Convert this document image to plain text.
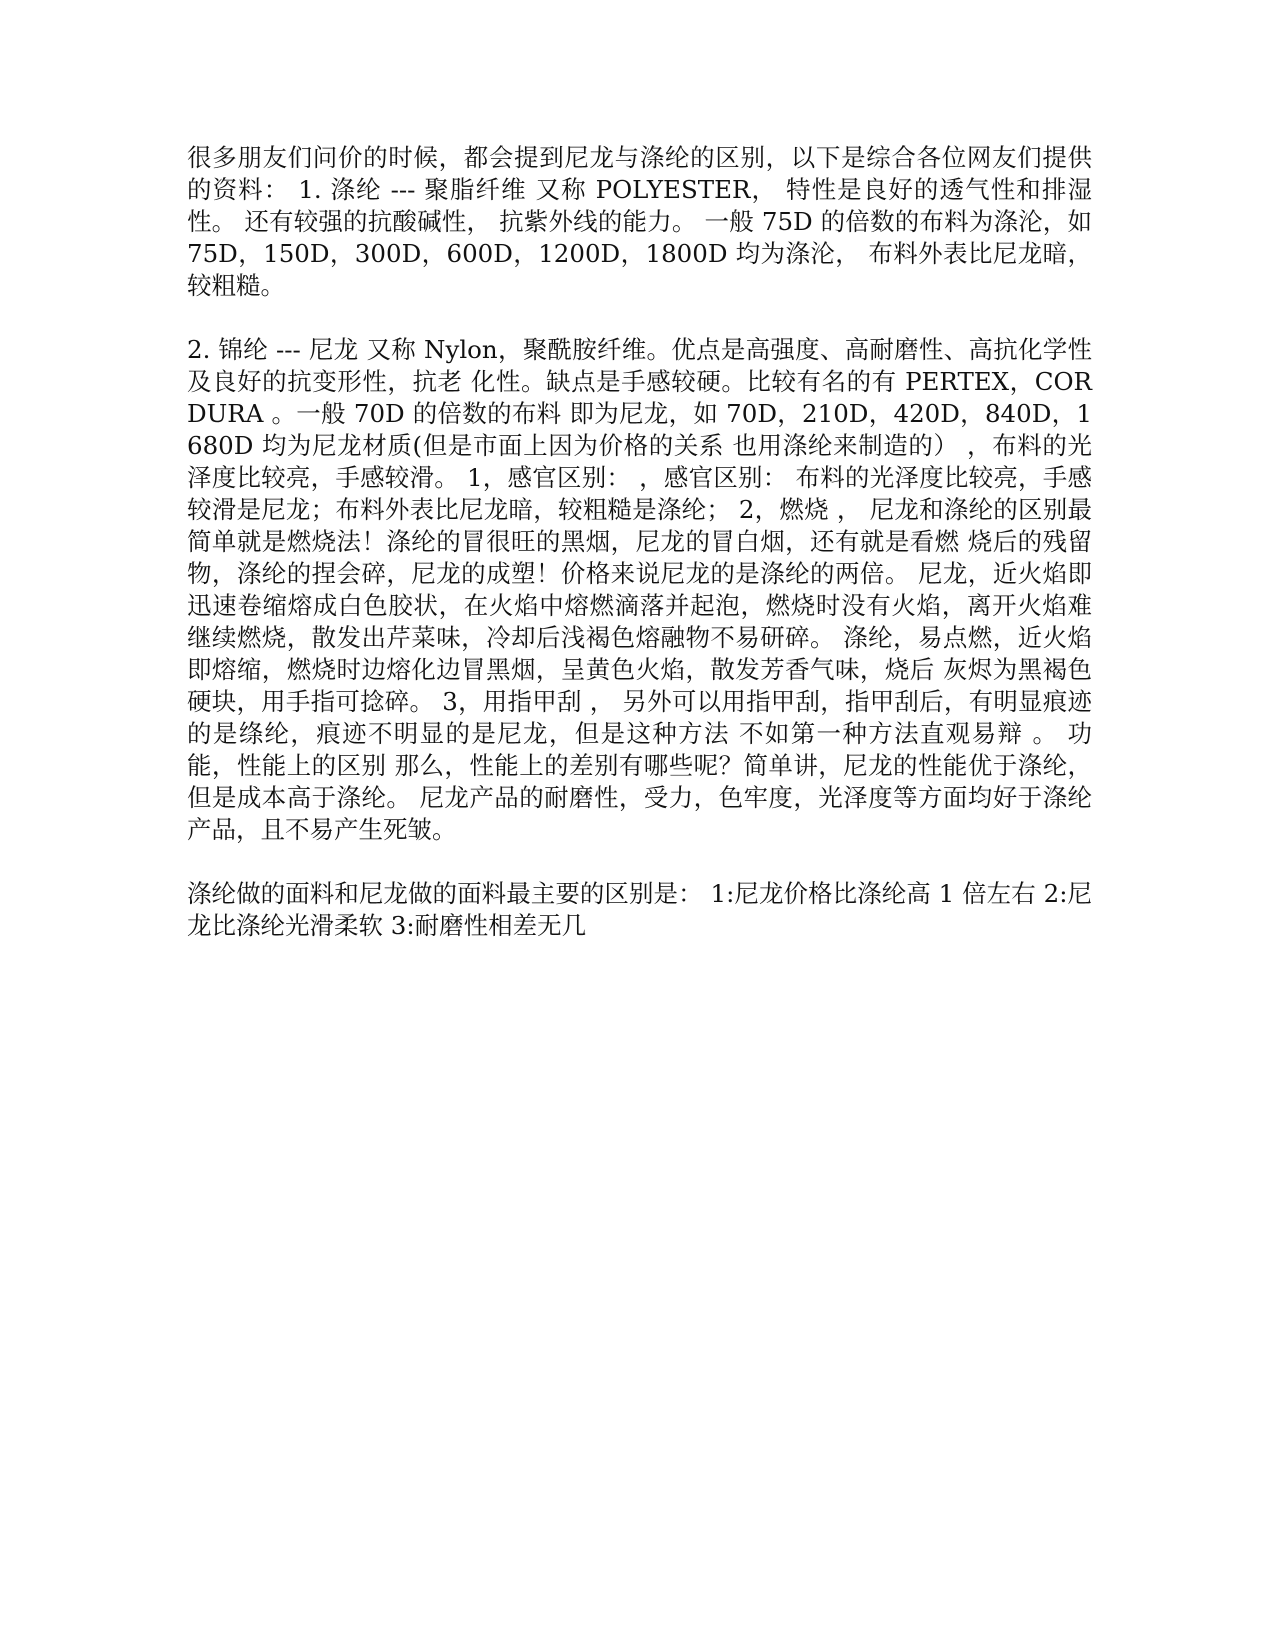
很多朋友们问价的时候，都会提到尼龙与涤纶的区别，以下是综合各位网友们提供的资料： 1. 涤纶 --- 聚脂纤维 又称 POLYESTER， 特性是良好的透气性和排湿性。 还有较强的抗酸碱性， 抗紫外线的能力。 一般 75D 的倍数的布料为涤沦，如 75D，150D，300D，600D，1200D，1800D 均为涤沦， 布料外表比尼龙暗，较粗糙。

2. 锦纶 --- 尼龙 又称 Nylon，聚酰胺纤维。优点是高强度、高耐磨性、高抗化学性及良好的抗变形性，抗老 化性。缺点是手感较硬。比较有名的有 PERTEX，CORDURA 。一般 70D 的倍数的布料 即为尼龙，如 70D，210D，420D，840D，1680D 均为尼龙材质(但是市面上因为价格的关系 也用涤纶来制造的） ，布料的光泽度比较亮，手感较滑。 1，感官区别： ，感官区别： 布料的光泽度比较亮，手感较滑是尼龙；布料外表比尼龙暗，较粗糙是涤纶； 2，燃烧 ， 尼龙和涤纶的区别最简单就是燃烧法！涤纶的冒很旺的黑烟，尼龙的冒白烟，还有就是看燃 烧后的残留物，涤纶的捏会碎，尼龙的成塑！价格来说尼龙的是涤纶的两倍。 尼龙，近火焰即迅速卷缩熔成白色胶状，在火焰中熔燃滴落并起泡，燃烧时没有火焰，离开火焰难继续燃烧，散发出芹菜味，冷却后浅褐色熔融物不易研碎。 涤纶，易点燃，近火焰即熔缩，燃烧时边熔化边冒黑烟，呈黄色火焰，散发芳香气味，烧后 灰烬为黑褐色硬块，用手指可捻碎。 3，用指甲刮 ， 另外可以用指甲刮，指甲刮后，有明显痕迹的是绦纶，痕迹不明显的是尼龙，但是这种方法 不如第一种方法直观易辩 。 功能，性能上的区别 那么，性能上的差别有哪些呢？简单讲，尼龙的性能优于涤纶，但是成本高于涤纶。 尼龙产品的耐磨性，受力，色牢度，光泽度等方面均好于涤纶产品，且不易产生死皱。

涤纶做的面料和尼龙做的面料最主要的区别是： 1:尼龙价格比涤纶高 1 倍左右 2:尼龙比涤纶光滑柔软 3:耐磨性相差无几
